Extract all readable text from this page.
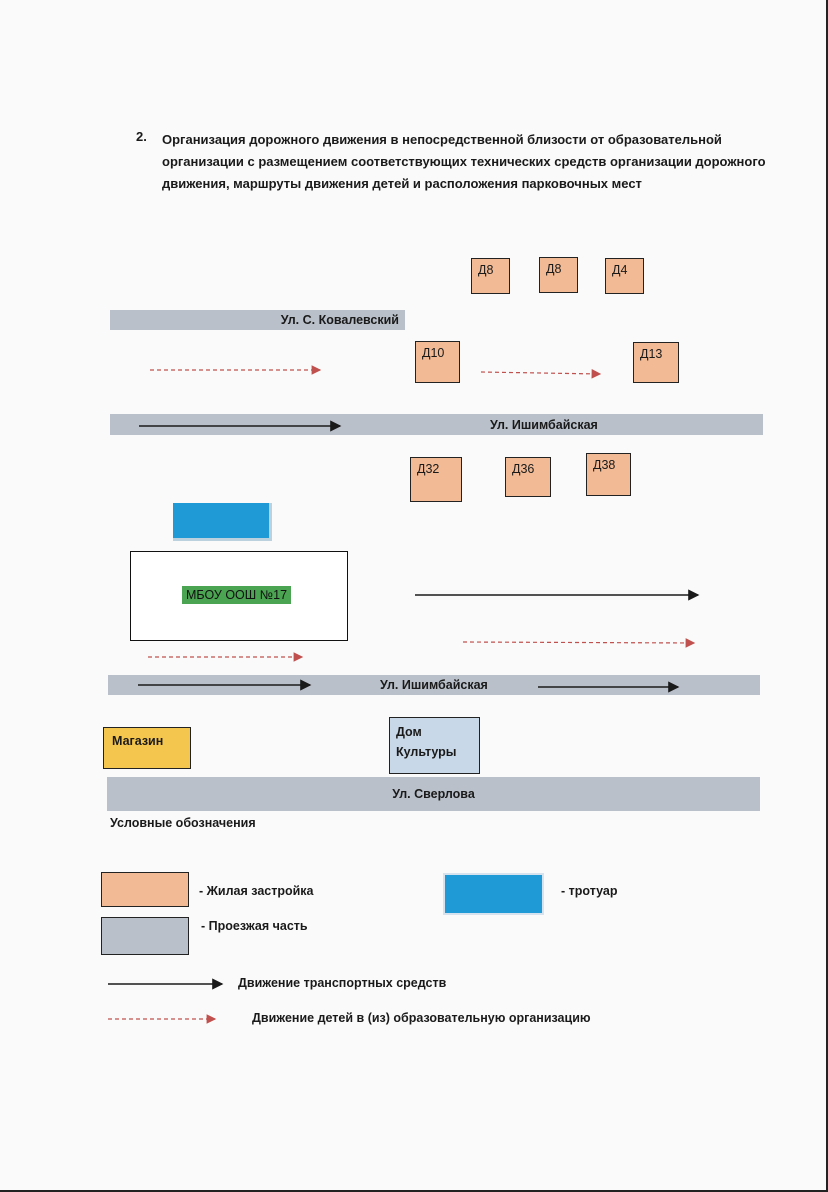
2. Организация дорожного движения в непосредственной близости от образовательной организации с размещением соответствующих технических средств организации дорожного движения, маршруты движения детей и расположения парковочных мест
Д8	Д8	Д4
Ул. С. Ковалевский
Д10	Д13
Ул. Ишимбайская
Д32	Д36	Д38
МБОУ ООШ №17
Ул. Ишимбайская
Магазин
Дом
Культуры
Ул. Сверлова
Условные обозначения
- Жилая застройка
- Проезжая часть
- тротуар
Движение транспортных средств
Движение детей в (из) образовательную организацию
